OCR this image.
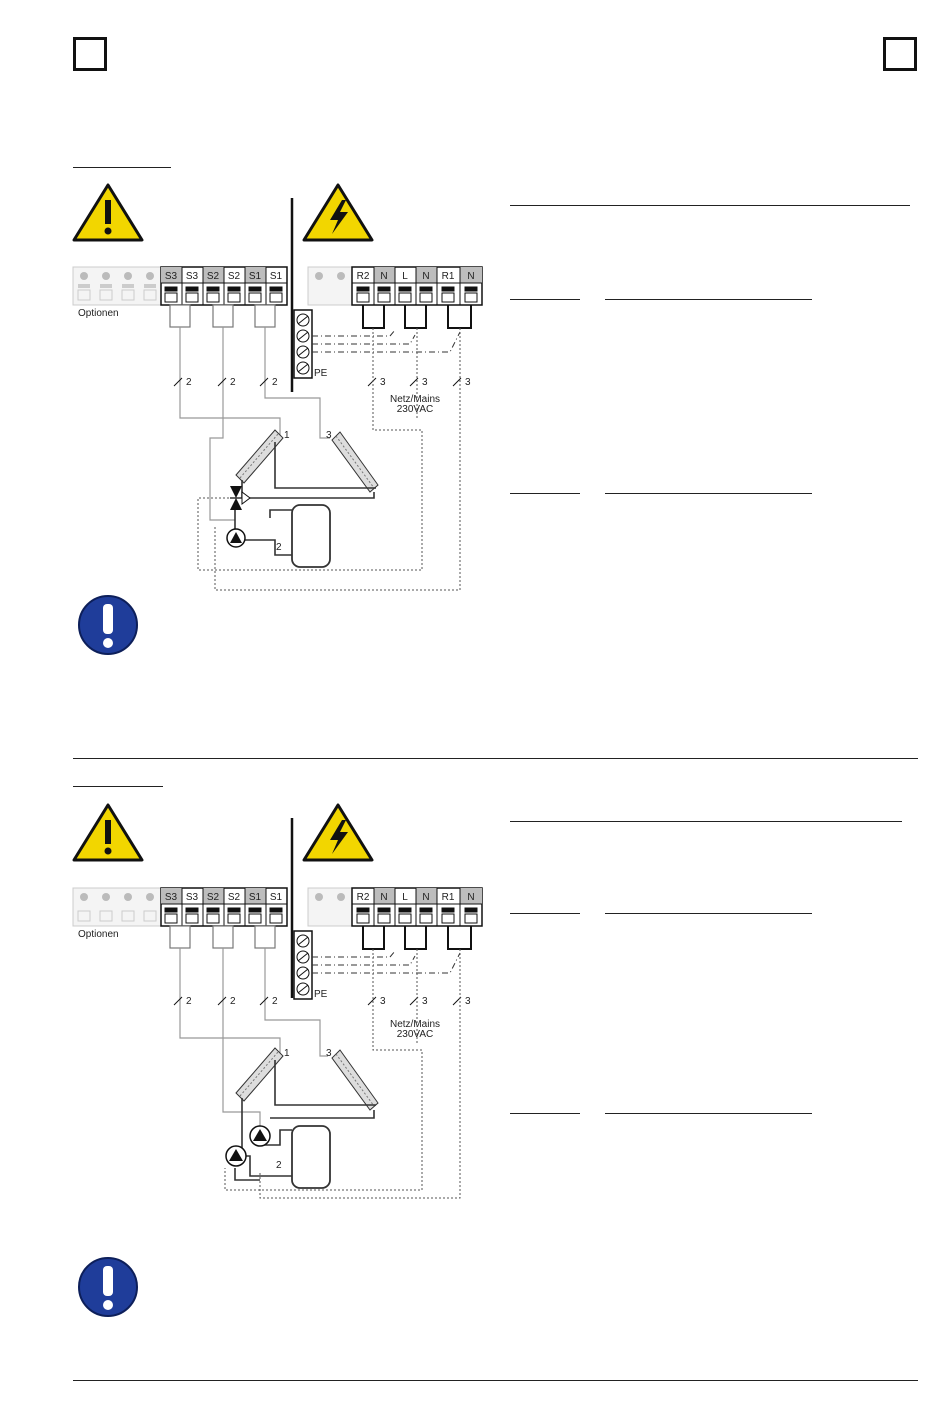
S3 S3 S2 S2 S1 S1
Optionen
R2 N L N R1 N
PE
2	2	2	3	3	3
Netz/Mains
230VAC
1	3
2
S3 S3 S2 S2 S1 S1
Optionen
R2 N L N R1 N
PE
2	2	2	3	3	3
Netz/Mains
230VAC
1	3
2
